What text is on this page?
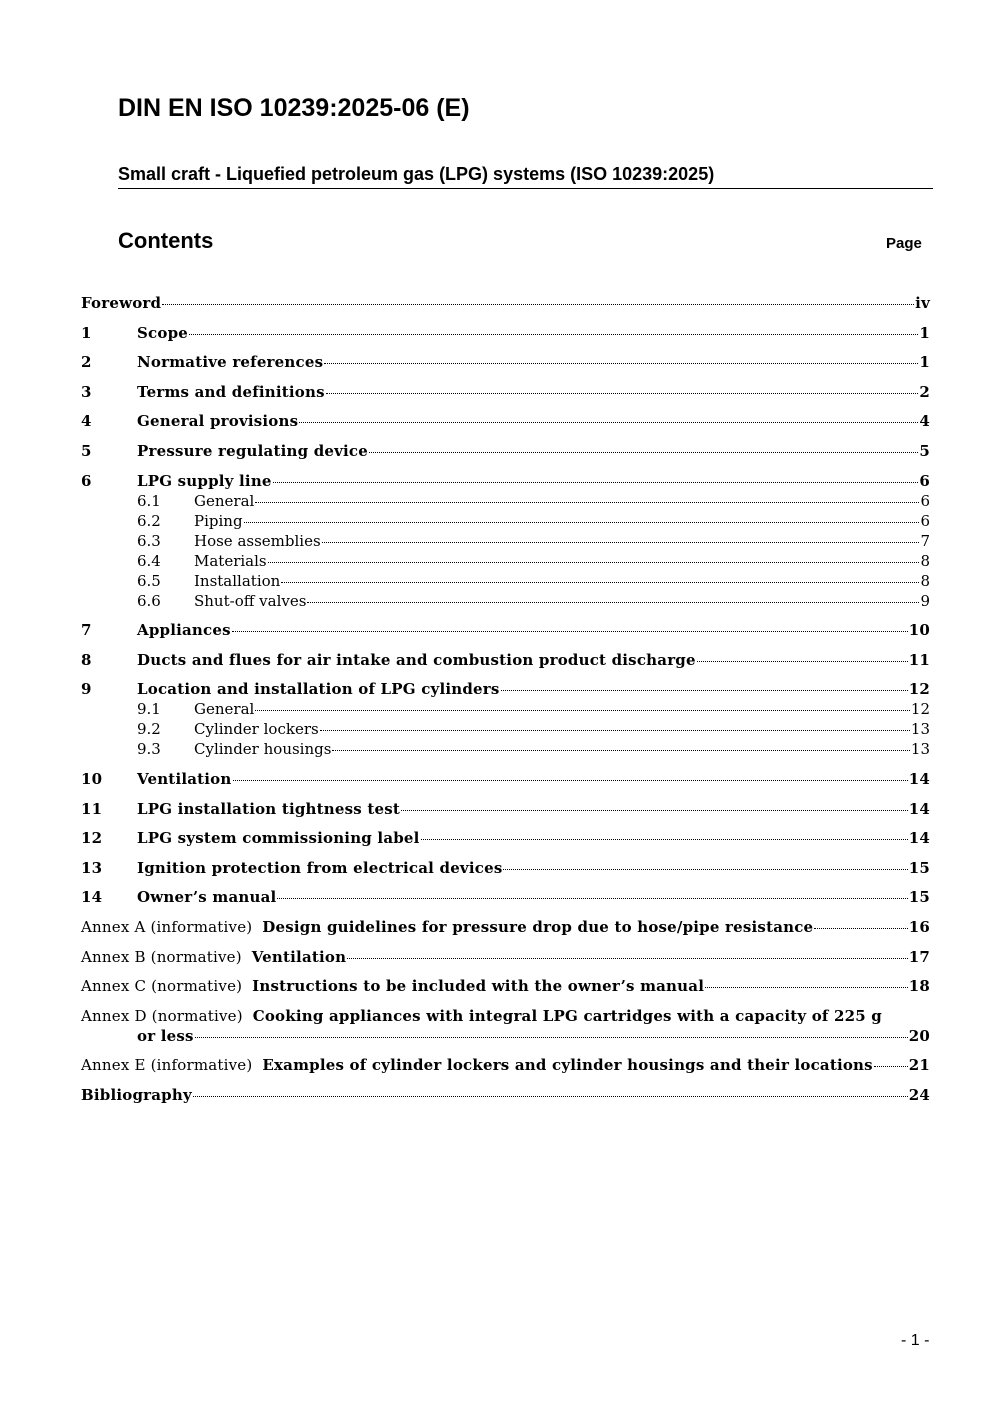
DIN EN ISO 10239:2025-06 (E)
Small craft - Liquefied petroleum gas (LPG) systems (ISO 10239:2025)
Contents	Page
Foreword	iv
1	Scope	1
2	Normative references	1
3	Terms and definitions	2
4	General provisions	4
5	Pressure regulating device	5
6	LPG supply line	6
6.1	General	6
6.2	Piping	6
6.3	Hose assemblies	7
6.4	Materials	8
6.5	Installation	8
6.6	Shut-off valves	9
7	Appliances	10
8	Ducts and flues for air intake and combustion product discharge	11
9	Location and installation of LPG cylinders	12
9.1	General	12
9.2	Cylinder lockers	13
9.3	Cylinder housings	13
10	Ventilation	14
11	LPG installation tightness test	14
12	LPG system commissioning label	14
13	Ignition protection from electrical devices	15
14	Owner’s manual	15
Annex A (informative) Design guidelines for pressure drop due to hose/pipe resistance	16
Annex B (normative) Ventilation	17
Annex C (normative) Instructions to be included with the owner’s manual	18
Annex D (normative) Cooking appliances with integral LPG cartridges with a capacity of 225 g
or less	20
Annex E (informative) Examples of cylinder lockers and cylinder housings and their locations 21
Bibliography	24
- 1 -
